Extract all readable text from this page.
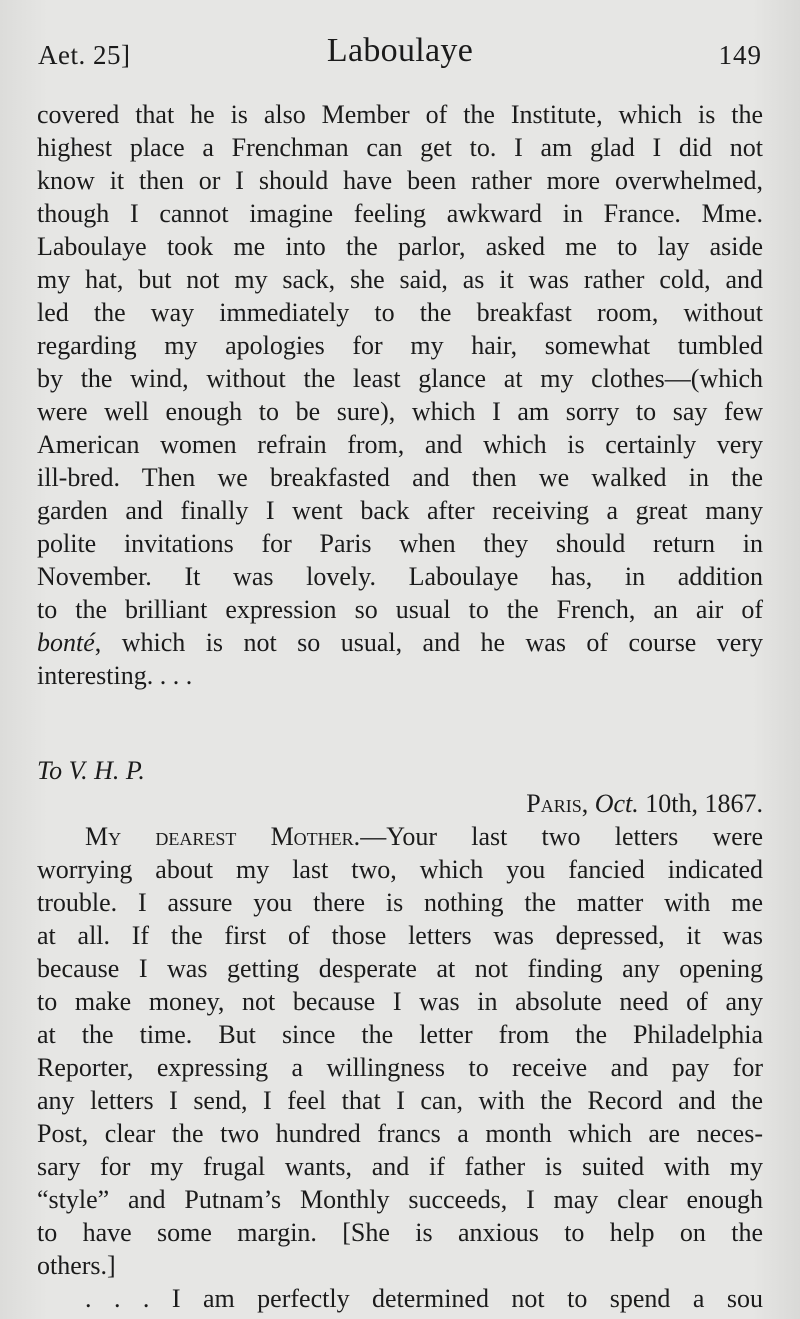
Aet. 25]	Laboulaye	149
covered that he is also Member of the Institute, which is the
highest place a Frenchman can get to. I am glad I did not
know it then or I should have been rather more overwhelmed,
though I cannot imagine feeling awkward in France. Mme.
Laboulaye took me into the parlor, asked me to lay aside
my hat, but not my sack, she said, as it was rather cold, and
led the way immediately to the breakfast room, without
regarding my apologies for my hair, somewhat tumbled
by the wind, without the least glance at my clothes—(which
were well enough to be sure), which I am sorry to say few
American women refrain from, and which is certainly very
ill-bred. Then we breakfasted and then we walked in the
garden and finally I went back after receiving a great many
polite invitations for Paris when they should return in
November. It was lovely. Laboulaye has, in addition
to the brilliant expression so usual to the French, an air of
bonté, which is not so usual, and he was of course very
interesting. . . .
To V. H. P.
Paris, Oct. 10th, 1867.
My dearest Mother.—Your last two letters were
worrying about my last two, which you fancied indicated
trouble. I assure you there is nothing the matter with me
at all. If the first of those letters was depressed, it was
because I was getting desperate at not finding any opening
to make money, not because I was in absolute need of any
at the time. But since the letter from the Philadelphia
Reporter, expressing a willingness to receive and pay for
any letters I send, I feel that I can, with the Record and the
Post, clear the two hundred francs a month which are neces-
sary for my frugal wants, and if father is suited with my
“style” and Putnam’s Monthly succeeds, I may clear enough
to have some margin. [She is anxious to help on the
others.]
. . . I am perfectly determined not to spend a sou
